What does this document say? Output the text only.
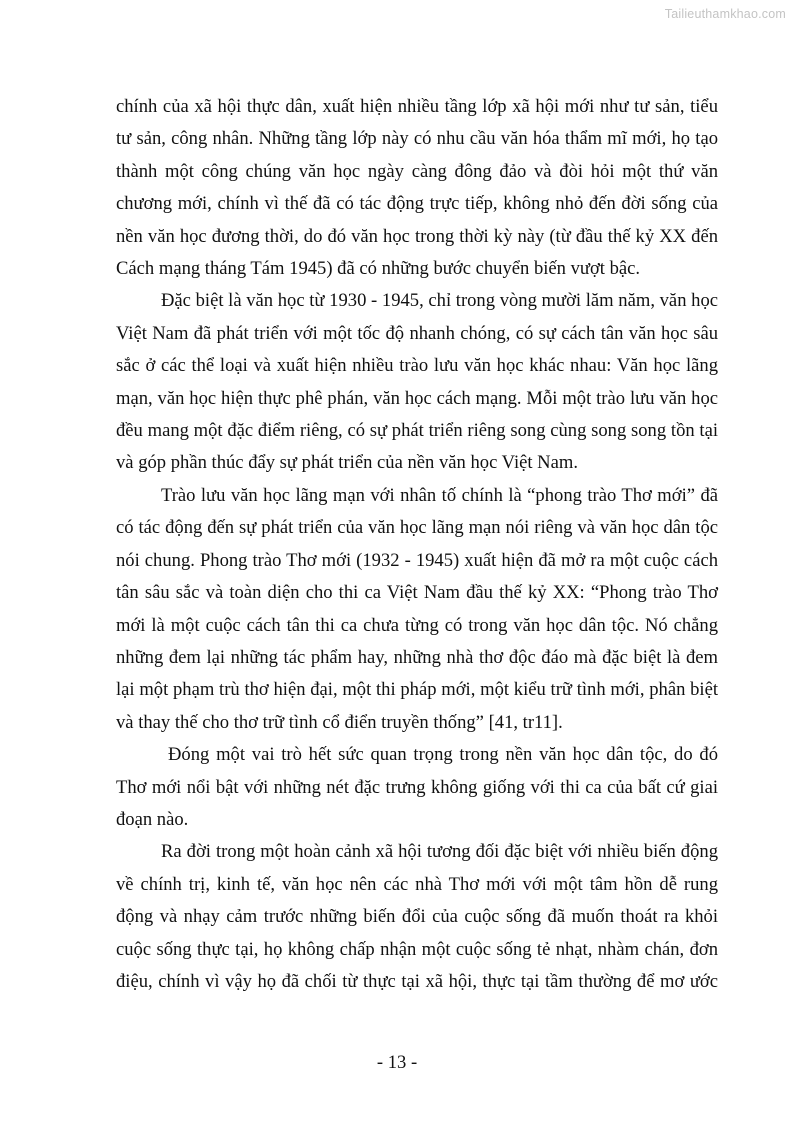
Tailieuthamkhao.com

chính của xã hội thực dân, xuất hiện nhiều tầng lớp xã hội mới như tư sản, tiểu tư sản, công nhân. Những tầng lớp này có nhu cầu văn hóa thẩm mĩ mới, họ tạo thành một công chúng văn học ngày càng đông đảo và đòi hỏi một thứ văn chương mới, chính vì thế đã có tác động trực tiếp, không nhỏ đến đời sống của nền văn học đương thời, do đó văn học trong thời kỳ này (từ đầu thế kỷ XX đến Cách mạng tháng Tám 1945) đã có những bước chuyển biến vượt bậc.

Đặc biệt là văn học từ 1930 - 1945, chỉ trong vòng mười lăm năm, văn học Việt Nam đã phát triển với một tốc độ nhanh chóng, có sự cách tân văn học sâu sắc ở các thể loại và xuất hiện nhiều trào lưu văn học khác nhau: Văn học lãng mạn, văn học hiện thực phê phán, văn học cách mạng. Mỗi một trào lưu văn học đều mang một đặc điểm riêng, có sự phát triển riêng song cùng song song tồn tại và góp phần thúc đẩy sự phát triển của nền văn học Việt Nam.

Trào lưu văn học lãng mạn với nhân tố chính là “phong trào Thơ mới” đã có tác động đến sự phát triển của văn học lãng mạn nói riêng và văn học dân tộc nói chung. Phong trào Thơ mới (1932 - 1945) xuất hiện đã mở ra một cuộc cách tân sâu sắc và toàn diện cho thi ca Việt Nam đầu thế kỷ XX: “Phong trào Thơ mới là một cuộc cách tân thi ca chưa từng có trong văn học dân tộc. Nó chẳng những đem lại những tác phẩm hay, những nhà thơ độc đáo mà đặc biệt là đem lại một phạm trù thơ hiện đại, một thi pháp mới, một kiểu trữ tình mới, phân biệt và thay thế cho thơ trữ tình cổ điển truyền thống” [41, tr11].

Đóng một vai trò hết sức quan trọng trong nền văn học dân tộc, do đó Thơ mới nổi bật với những nét đặc trưng không giống với thi ca của bất cứ giai đoạn nào.

Ra đời trong một hoàn cảnh xã hội tương đối đặc biệt với nhiều biến động về chính trị, kinh tế, văn học nên các nhà Thơ mới với một tâm hồn dễ rung động và nhạy cảm trước những biến đổi của cuộc sống đã muốn thoát ra khỏi cuộc sống thực tại, họ không chấp nhận một cuộc sống tẻ nhạt, nhàm chán, đơn điệu, chính vì vậy họ đã chối từ thực tại xã hội, thực tại tầm thường để mơ ước

- 13 -
